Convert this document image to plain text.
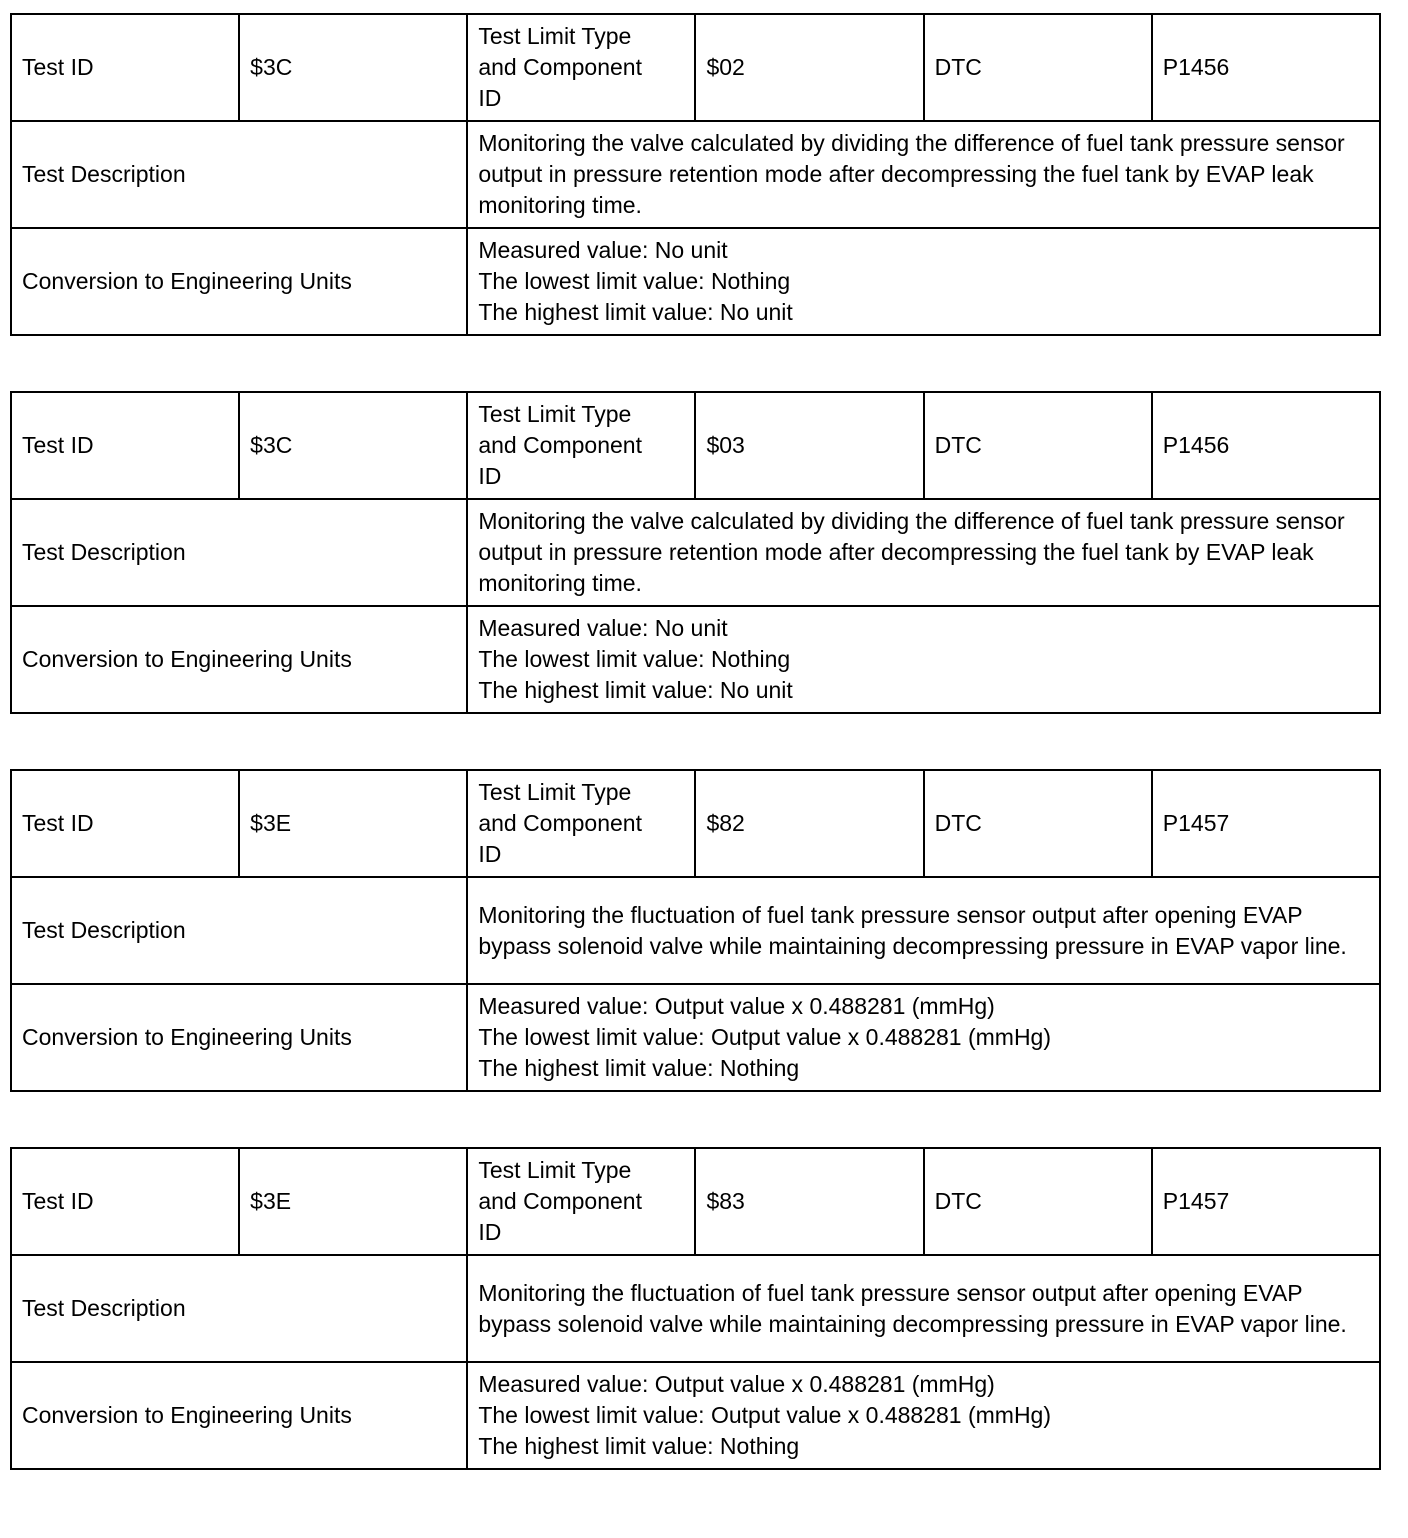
Test ID	$3C	Test Limit Type
and Component
ID	$02	DTC	P1456
Test Description		Monitoring the valve calculated by dividing the difference of fuel tank pressure sensor output in pressure retention mode after decompressing the fuel tank by EVAP leak monitoring time.			
Conversion to Engineering Units		Measured value: No unit
The lowest limit value: Nothing
The highest limit value: No unit			
Test ID	$3C	Test Limit Type
and Component
ID	$03	DTC	P1456
Test Description		Monitoring the valve calculated by dividing the difference of fuel tank pressure sensor output in pressure retention mode after decompressing the fuel tank by EVAP leak monitoring time.			
Conversion to Engineering Units		Measured value: No unit
The lowest limit value: Nothing
The highest limit value: No unit			
Test ID	$3E	Test Limit Type
and Component
ID	$82	DTC	P1457
Test Description		Monitoring the fluctuation of fuel tank pressure sensor output after opening EVAP bypass solenoid valve while maintaining decompressing pressure in EVAP vapor line.			
Conversion to Engineering Units		Measured value: Output value x 0.488281 (mmHg)
The lowest limit value: Output value x 0.488281 (mmHg)
The highest limit value: Nothing			
Test ID	$3E	Test Limit Type
and Component
ID	$83	DTC	P1457
Test Description		Monitoring the fluctuation of fuel tank pressure sensor output after opening EVAP bypass solenoid valve while maintaining decompressing pressure in EVAP vapor line.			
Conversion to Engineering Units		Measured value: Output value x 0.488281 (mmHg)
The lowest limit value: Output value x 0.488281 (mmHg)
The highest limit value: Nothing			
